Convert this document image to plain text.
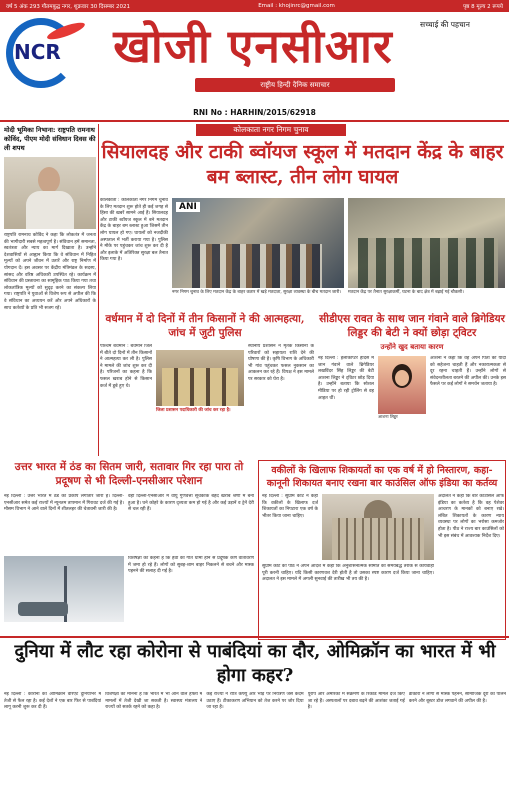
वर्ष 5 अंक 293 गौतमबुद्ध नगर, शुक्रवार 30 दिसम्बर 2021	Email : khojinrc@gmail.com	पृष्ठ 8 मूल्य 2 रूपये
NCR	खोजी एनसीआर	सच्चाई की पहचान
राष्ट्रीय हिन्दी दैनिक समाचार
RNI No : HARHIN/2015/62918
मोदी भूमिका निभाना: राष्ट्रपति रामनाथ कोविंद, पीएम मोदी संविधान दिवस की ली शपथ
राष्ट्रपति रामनाथ कोविंद ने कहा कि लोकतंत्र में जनता की भागीदारी सबसे महत्वपूर्ण है। संविधान हमें समानता, स्वतंत्रता और न्याय का मार्ग दिखाता है। उन्होंने देशवासियों से आह्वान किया कि वे संविधान में निहित मूल्यों को अपने जीवन में उतारें और राष्ट्र निर्माण में योगदान दें। इस अवसर पर केंद्रीय मंत्रिमंडल के सदस्य, सांसद और वरिष्ठ अधिकारी उपस्थित रहे। कार्यक्रम में संविधान की प्रस्तावना का सामूहिक पाठ किया गया तथा लोकतांत्रिक मूल्यों को सुदृढ़ करने का संकल्प लिया गया। राष्ट्रपति ने युवाओं से विशेष रूप से अपील की कि वे संविधान का अध्ययन करें और अपने अधिकारों के साथ कर्तव्यों के प्रति भी सजग रहें।
कोलकाता नगर निगम चुनाव
सियालदह और टाकी ब्वॉयज स्कूल में मतदान केंद्र के बाहर बम ब्लास्ट, तीन लोग घायल
कोलकाता : कोलकाता नगर निगम चुनाव के लिए मतदान शुरू होते ही कई जगह से हिंसा की खबरें सामने आई हैं। सियालदह और टाकी ब्वॉयज स्कूल में बने मतदान केंद्र के बाहर बम ब्लास्ट हुआ जिसमें तीन लोग घायल हो गए। घायलों को नजदीकी अस्पताल में भर्ती कराया गया है। पुलिस ने मौके पर पहुंचकर जांच शुरू कर दी है और इलाके में अतिरिक्त सुरक्षा बल तैनात किया गया है।
ANI
नगर निगम चुनाव के लिए मतदान केंद्र के बाहर कतार में खड़े मतदाता, सुरक्षा व्यवस्था के बीच मतदान जारी।	मतदान केंद्र पर तैनात सुरक्षाकर्मी, घटना के बाद क्षेत्र में बढ़ाई गई चौकसी।
वर्धमान में दो दिनों में तीन किसानों ने की आत्महत्या, जांच में जुटी पुलिस
पश्चिम बर्धमान : बर्धमान जिले में बीते दो दिनों में तीन किसानों ने आत्महत्या कर ली है। पुलिस ने मामले की जांच शुरू कर दी है। परिजनों का कहना है कि फसल खराब होने से किसान कर्ज में डूबे हुए थे।
जिला प्रशासन पदाधिकारी की जांच कर रहा है।
स्थानीय प्रशासन ने मृतक किसानों के परिवारों को सहायता राशि देने की घोषणा की है। कृषि विभाग के अधिकारी भी गांव पहुंचकर फसल नुकसान का आकलन कर रहे हैं। विपक्ष ने इस मामले पर सरकार को घेरा है।
सीडीएस रावत के साथ जान गंवाने वाले ब्रिगेडियर लिड्डर की बेटी ने क्यों छोड़ा ट्विटर
उन्होंने खुद बताया कारण
नई दिल्ली : हेलीकॉप्टर हादसे में जान गंवाने वाले ब्रिगेडियर लखविंदर सिंह लिड्डर की बेटी आशना लिड्डर ने ट्विटर छोड़ दिया है। उन्होंने बताया कि सोशल मीडिया पर हो रही ट्रोलिंग से वह आहत थीं।
आशना लिड्डर
आशना ने कहा कि वह अपने पिता की यादों को सहेजना चाहती हैं और नकारात्मकता से दूर रहना चाहती हैं। उन्होंने लोगों से संवेदनशीलता बरतने की अपील की। उनके इस फैसले पर कई लोगों ने समर्थन जताया है।
उत्तर भारत में ठंड का सितम जारी, सतावार गिर रहा पारा तो प्रदूषण से भी दिल्ली-एनसीआर परेशान
नई दिल्ली : उत्तर भारत में ठंड का प्रकोप लगातार जारी है। दिल्ली-एनसीआर समेत कई राज्यों में न्यूनतम तापमान में गिरावट दर्ज की गई है। मौसम विभाग ने आने वाले दिनों में शीतलहर की चेतावनी जारी की है।
वहीं दिल्ली-एनसीआर में वायु गुणवत्ता सूचकांक बेहद खराब श्रेणी में बना हुआ है। घने कोहरे के कारण दृश्यता कम हो गई है और कई उड़ानें व ट्रेनें देरी से चल रही हैं।
विशेषज्ञों का कहना है कि हवा की गति धीमी होने से प्रदूषक कण वातावरण में जमा हो रहे हैं। लोगों को सुबह-शाम बाहर निकलने से बचने और मास्क पहनने की सलाह दी गई है।
वकीलों के खिलाफ शिकायतों का एक वर्ष में हो निस्तारण, कहा-कानूनी शिकायत बनाए रखना बार काउंसिल ऑफ इंडिया का कर्तव्य
नई दिल्ली : सुप्रीम कोर्ट ने कहा कि वकीलों के खिलाफ दर्ज शिकायतों का निपटारा एक वर्ष के भीतर किया जाना चाहिए।
अदालत ने कहा कि बार काउंसिल ऑफ इंडिया का कर्तव्य है कि वह पेशेवर आचरण के मानकों को बनाए रखे। लंबित शिकायतों के कारण न्याय व्यवस्था पर लोगों का भरोसा कमजोर होता है। पीठ ने राज्य बार काउंसिलों को भी इस संबंध में आवश्यक निर्देश दिए।
सुप्रीम कोर्ट की पीठ ने अपने आदेश में कहा कि अनुशासनात्मक समिति को समयबद्ध तरीके से कार्यवाही पूरी करनी चाहिए। यदि किसी कारणवश देरी होती है तो उसका स्पष्ट कारण दर्ज किया जाना चाहिए। अदालत ने इस मामले में अगली सुनवाई की तारीख भी तय की है।
दुनिया में लौट रहा कोरोना से पाबंदियां का दौर, ओमिक्रॉन का भारत में भी होगा कहर?
नई दिल्ली : कोरोना का ओमिक्रॉन वेरिएंट दुनियाभर में तेजी से फैल रहा है। कई देशों ने एक बार फिर से पाबंदियां लागू करनी शुरू कर दी हैं।
विशेषज्ञों का मानना है कि भारत में भी आने वाले हफ्तों में मामलों में तेजी देखी जा सकती है। स्वास्थ्य मंत्रालय ने राज्यों को सतर्क रहने को कहा है।
कई राज्यों ने रात्रि कर्फ्यू और भीड़ पर नियंत्रण जैसे कदम उठाए हैं। टीकाकरण अभियान को तेज करने पर जोर दिया जा रहा है।
यूरोप और अमेरिका में संक्रमण के रिकॉर्ड मामले दर्ज किए जा रहे हैं। अस्पतालों पर दबाव बढ़ने की आशंका जताई गई है।
डॉक्टरों ने लोगों से मास्क पहनने, सामाजिक दूरी का पालन करने और बूस्टर डोज लगवाने की अपील की है।
